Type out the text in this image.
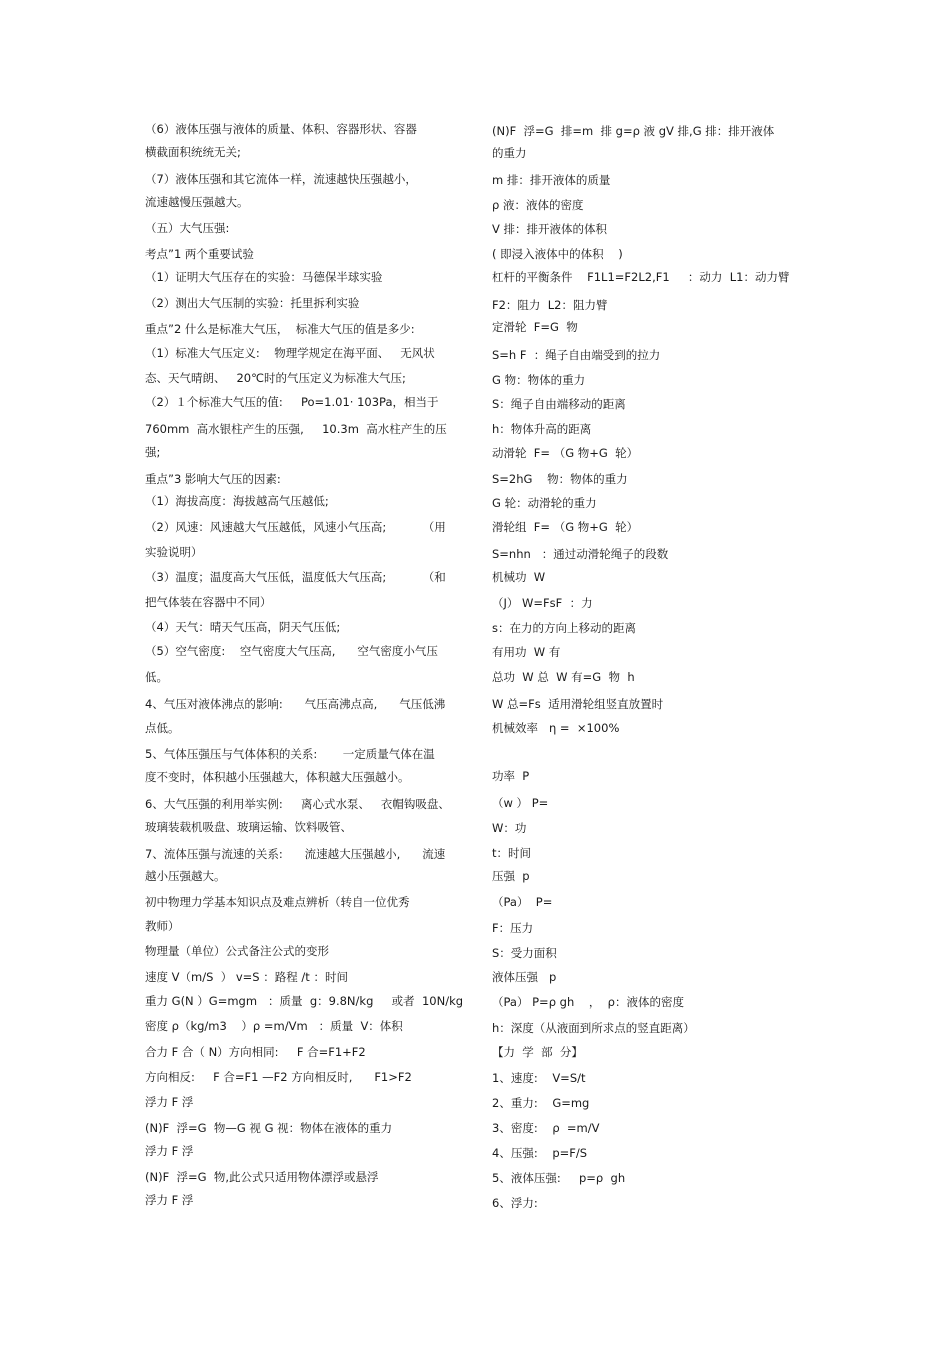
（6）液体压强与液体的质量、体积、容器形状、容器
横截面积统统无关;
（7）液体压强和其它流体一样，流速越快压强越小，
流速越慢压强越大。
（五）大气压强:
考点”1 两个重要试验
（1）证明大气压存在的实验：马德保半球实验
（2）测出大气压制的实验：托里拆利实验
重点”2 什么是标准大气压，  标准大气压的值是多少:
（1）标准大气压定义:    物理学规定在海平面、   无风状
态、天气晴朗、   20℃时的气压定义为标准大气压;
（2）１个标准大气压的值:     Po=1.01· 103Pa，相当于
760mm  高水银柱产生的压强,     10.3m  高水柱产生的压
强;
重点”3 影响大气压的因素:
（1）海拔高度：海拔越高气压越低;
（2）风速：风速越大气压越低，风速小气压高;          （用
实验说明）
（3）温度；温度高大气压低，温度低大气压高;          （和
把气体装在容器中不同）
（4）天气：晴天气压高，阴天气压低;
（5）空气密度:    空气密度大气压高,      空气密度小气压
低。
4、气压对液体沸点的影响:      气压高沸点高,      气压低沸
点低。
5、气体压强压与气体体积的关系:       一定质量气体在温
度不变时，体积越小压强越大，体积越大压强越小。
6、大气压强的利用举实例:     离心式水泵、   衣帽钩吸盘、
玻璃装载机吸盘、玻璃运输、饮料吸管、
7、流体压强与流速的关系:      流速越大压强越小,      流速
越小压强越大。
初中物理力学基本知识点及难点辨析（转自一位优秀
教师）
物理量（单位）公式备注公式的变形
速度 V（m/S  ） v=S ：路程 /t ：时间
重力 G(N ）G=mgm   ：质量  g：9.8N/kg     或者  10N/kg
密度 ρ（kg/m3    ）ρ =m/Vm   ：质量  V：体积
合力 F 合（ N）方向相同:     F 合=F1+F2
方向相反:     F 合=F1 —F2 方向相反时,      F1>F2
浮力 F 浮
(N)F  浮=G  物—G 视 G 视：物体在液体的重力
浮力 F 浮
(N)F  浮=G  物,此公式只适用物体漂浮或悬浮
浮力 F 浮
(N)F  浮=G  排=m  排 g=ρ 液 gV 排,G 排：排开液体
的重力
m 排：排开液体的质量
ρ 液：液体的密度
V 排：排开液体的体积
( 即浸入液体中的体积    )
杠杆的平衡条件    F1L1=F2L2,F1     ：动力  L1：动力臂
F2：阻力  L2：阻力臂
定滑轮  F=G  物
S=h F  ：绳子自由端受到的拉力
G 物：物体的重力
S：绳子自由端移动的距离
h：物体升高的距离
动滑轮  F= （G 物+G  轮）
S=2hG    物：物体的重力
G 轮：动滑轮的重力
滑轮组  F= （G 物+G  轮）
S=nhn   ：通过动滑轮绳子的段数
机械功  W
（J） W=FsF  ：力
s：在力的方向上移动的距离
有用功  W 有
总功  W 总  W 有=G  物  h
W 总=Fs  适用滑轮组竖直放置时
机械效率   η =  ×100%
功率  P
（w ） P=
W：功
t：时间
压强  p
（Pa）  P=
F：压力
S：受力面积
液体压强   p
（Pa） P=ρ gh    ，  ρ：液体的密度
h：深度（从液面到所求点的竖直距离）
【力  学  部  分】
1、速度:    V=S/t
2、重力:    G=mg
3、密度:    ρ  =m/V
4、压强:    p=F/S
5、液体压强:     p=ρ  gh
6、浮力:
